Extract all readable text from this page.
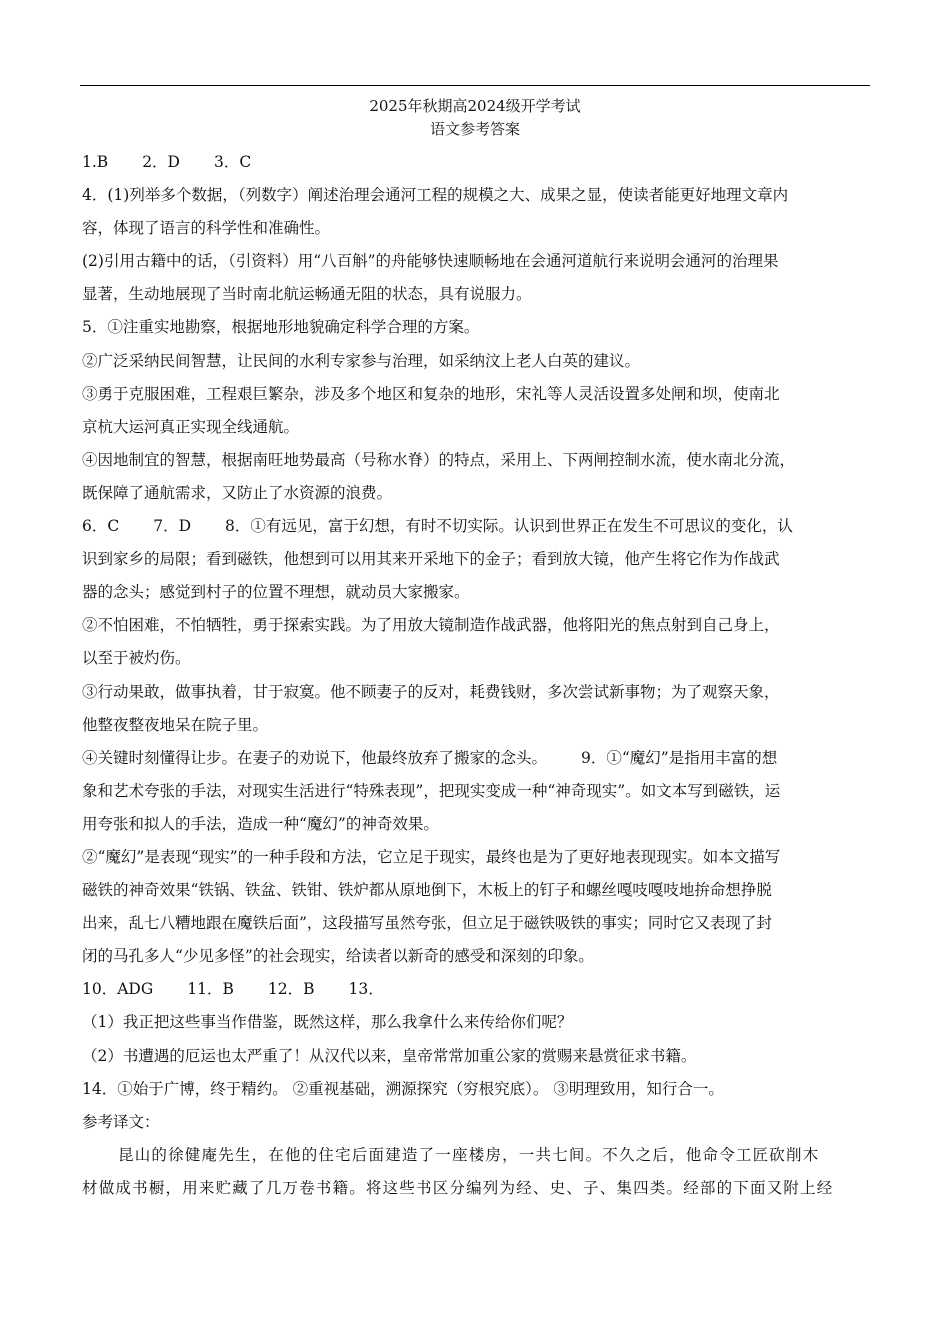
2025年秋期高2024级开学考试
语文参考答案
1.B 2．D 3．C
4．(1)列举多个数据，（列数字）阐述治理会通河工程的规模之大、成果之显，使读者能更好地理文章内
容，体现了语言的科学性和准确性。
(2)引用古籍中的话，（引资料）用“八百斛”的舟能够快速顺畅地在会通河道航行来说明会通河的治理果
显著，生动地展现了当时南北航运畅通无阻的状态，具有说服力。
5．①注重实地勘察，根据地形地貌确定科学合理的方案。
②广泛采纳民间智慧，让民间的水利专家参与治理，如采纳汶上老人白英的建议。
③勇于克服困难，工程艰巨繁杂，涉及多个地区和复杂的地形，宋礼等人灵活设置多处闸和坝，使南北
京杭大运河真正实现全线通航。
④因地制宜的智慧，根据南旺地势最高（号称水脊）的特点，采用上、下两闸控制水流，使水南北分流，
既保障了通航需求，又防止了水资源的浪费。
6．C 7．D 8．①有远见，富于幻想，有时不切实际。认识到世界正在发生不可思议的变化，认
识到家乡的局限；看到磁铁，他想到可以用其来开采地下的金子；看到放大镜，他产生将它作为作战武
器的念头；感觉到村子的位置不理想，就动员大家搬家。
②不怕困难，不怕牺牲，勇于探索实践。为了用放大镜制造作战武器，他将阳光的焦点射到自己身上，
以至于被灼伤。
③行动果敢，做事执着，甘于寂寞。他不顾妻子的反对，耗费钱财，多次尝试新事物；为了观察天象，
他整夜整夜地呆在院子里。
④关键时刻懂得让步。在妻子的劝说下，他最终放弃了搬家的念头。 9．①“魔幻”是指用丰富的想
象和艺术夸张的手法，对现实生活进行“特殊表现”，把现实变成一种“神奇现实”。如文本写到磁铁，运
用夸张和拟人的手法，造成一种“魔幻”的神奇效果。
②“魔幻”是表现“现实”的一种手段和方法，它立足于现实，最终也是为了更好地表现现实。如本文描写
磁铁的神奇效果“铁锅、铁盆、铁钳、铁炉都从原地倒下，木板上的钉子和螺丝嘎吱嘎吱地拚命想挣脱
出来，乱七八糟地跟在魔铁后面”，这段描写虽然夸张，但立足于磁铁吸铁的事实；同时它又表现了封
闭的马孔多人“少见多怪”的社会现实，给读者以新奇的感受和深刻的印象。
10．ADG 11．B 12．B 13．
（1）我正把这些事当作借鉴，既然这样，那么我拿什么来传给你们呢？
（2）书遭遇的厄运也太严重了！从汉代以来，皇帝常常加重公家的赏赐来悬赏征求书籍。
14．①始于广博，终于精约。 ②重视基础，溯源探究（穷根究底）。 ③明理致用，知行合一。
参考译文：
昆山的徐健庵先生，在他的住宅后面建造了一座楼房，一共七间。不久之后，他命令工匠砍削木
材做成书橱，用来贮藏了几万卷书籍。将这些书区分编列为经、史、子、集四类。经部的下面又附上经
